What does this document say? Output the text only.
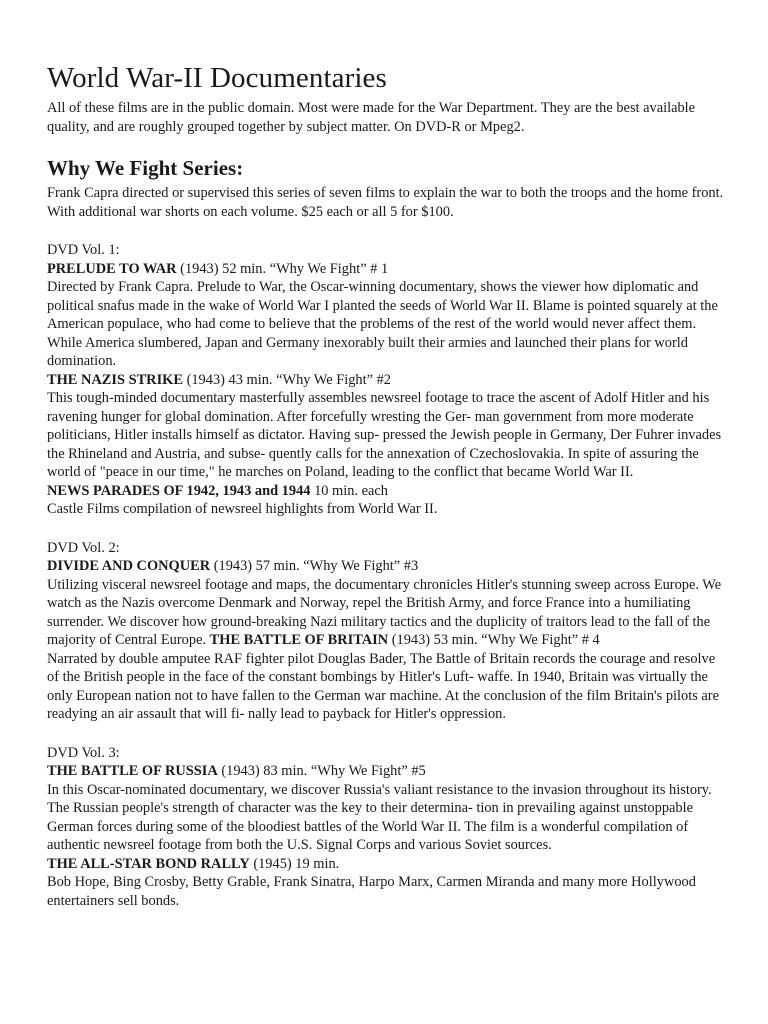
World War-II Documentaries

All of these films are in the public domain. Most were made for the War Department. They are the best available quality, and are roughly grouped together by subject matter. On DVD-R or Mpeg2.

Why We Fight Series:

Frank Capra directed or supervised this series of seven films to explain the war to both the troops and the home front. With additional war shorts on each volume. $25 each or all 5 for $100.

DVD Vol. 1:

PRELUDE TO WAR (1943) 52 min. “Why We Fight” # 1

Directed by Frank Capra. Prelude to War, the Oscar-winning documentary, shows the viewer how diplomatic and political snafus made in the wake of World War I planted the seeds of World War II. Blame is pointed squarely at the American populace, who had come to believe that the problems of the rest of the world would never affect them. While America slumbered, Japan and Germany inexorably built their armies and launched their plans for world domination.

THE NAZIS STRIKE (1943) 43 min. “Why We Fight” #2

This tough-minded documentary masterfully assembles newsreel footage to trace the ascent of Adolf Hitler and his ravening hunger for global domination. After forcefully wresting the Ger- man government from more moderate politicians, Hitler installs himself as dictator. Having sup- pressed the Jewish people in Germany, Der Fuhrer invades the Rhineland and Austria, and subse- quently calls for the annexation of Czechoslovakia. In spite of assuring the world of "peace in our time," he marches on Poland, leading to the conflict that became World War II.

NEWS PARADES OF 1942, 1943 and 1944 10 min. each

Castle Films compilation of newsreel highlights from World War II.

DVD Vol. 2:

DIVIDE AND CONQUER (1943) 57 min. “Why We Fight” #3

Utilizing visceral newsreel footage and maps, the documentary chronicles Hitler's stunning sweep across Europe. We watch as the Nazis overcome Denmark and Norway, repel the British Army, and force France into a humiliating surrender. We discover how ground-breaking Nazi military tactics and the duplicity of traitors lead to the fall of the majority of Central Europe. THE BATTLE OF BRITAIN (1943) 53 min. “Why We Fight” # 4

Narrated by double amputee RAF fighter pilot Douglas Bader, The Battle of Britain records the courage and resolve of the British people in the face of the constant bombings by Hitler's Luft- waffe. In 1940, Britain was virtually the only European nation not to have fallen to the German war machine. At the conclusion of the film Britain's pilots are readying an air assault that will fi- nally lead to payback for Hitler's oppression.

DVD Vol. 3:

THE BATTLE OF RUSSIA (1943) 83 min. “Why We Fight” #5

In this Oscar-nominated documentary, we discover Russia's valiant resistance to the invasion throughout its history. The Russian people's strength of character was the key to their determina- tion in prevailing against unstoppable German forces during some of the bloodiest battles of the World War II. The film is a wonderful compilation of authentic newsreel footage from both the U.S. Signal Corps and various Soviet sources.

THE ALL-STAR BOND RALLY (1945) 19 min.

Bob Hope, Bing Crosby, Betty Grable, Frank Sinatra, Harpo Marx, Carmen Miranda and many more Hollywood entertainers sell bonds.
